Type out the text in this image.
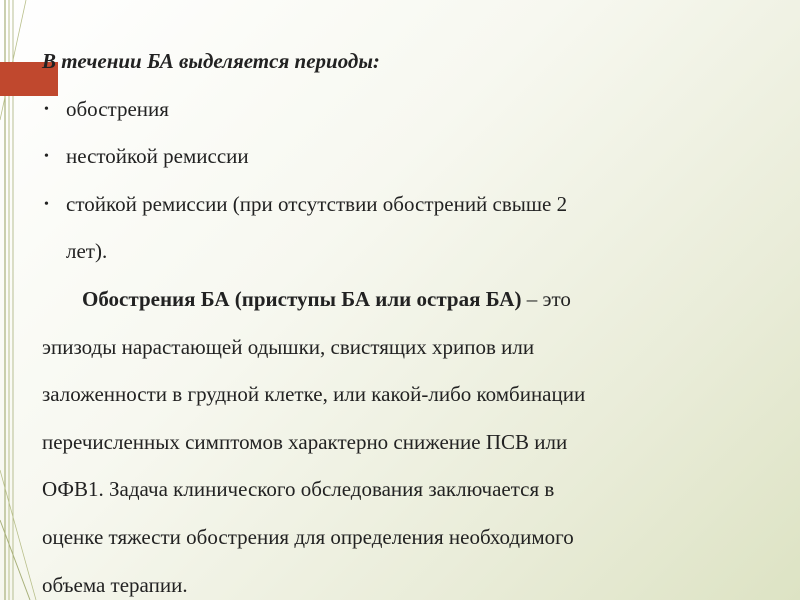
В течении БА выделяется периоды:
• обострения
• нестойкой ремиссии
• стойкой ремиссии (при отсутствии обострений свыше 2
лет).
Обострения БА (приступы БА или острая БА) – это
эпизоды нарастающей одышки, свистящих хрипов или
заложенности в грудной клетке, или какой-либо комбинации
перечисленных симптомов характерно снижение ПСВ или
ОФВ1. Задача клинического обследования заключается в
оценке тяжести обострения для определения необходимого
объема терапии.
